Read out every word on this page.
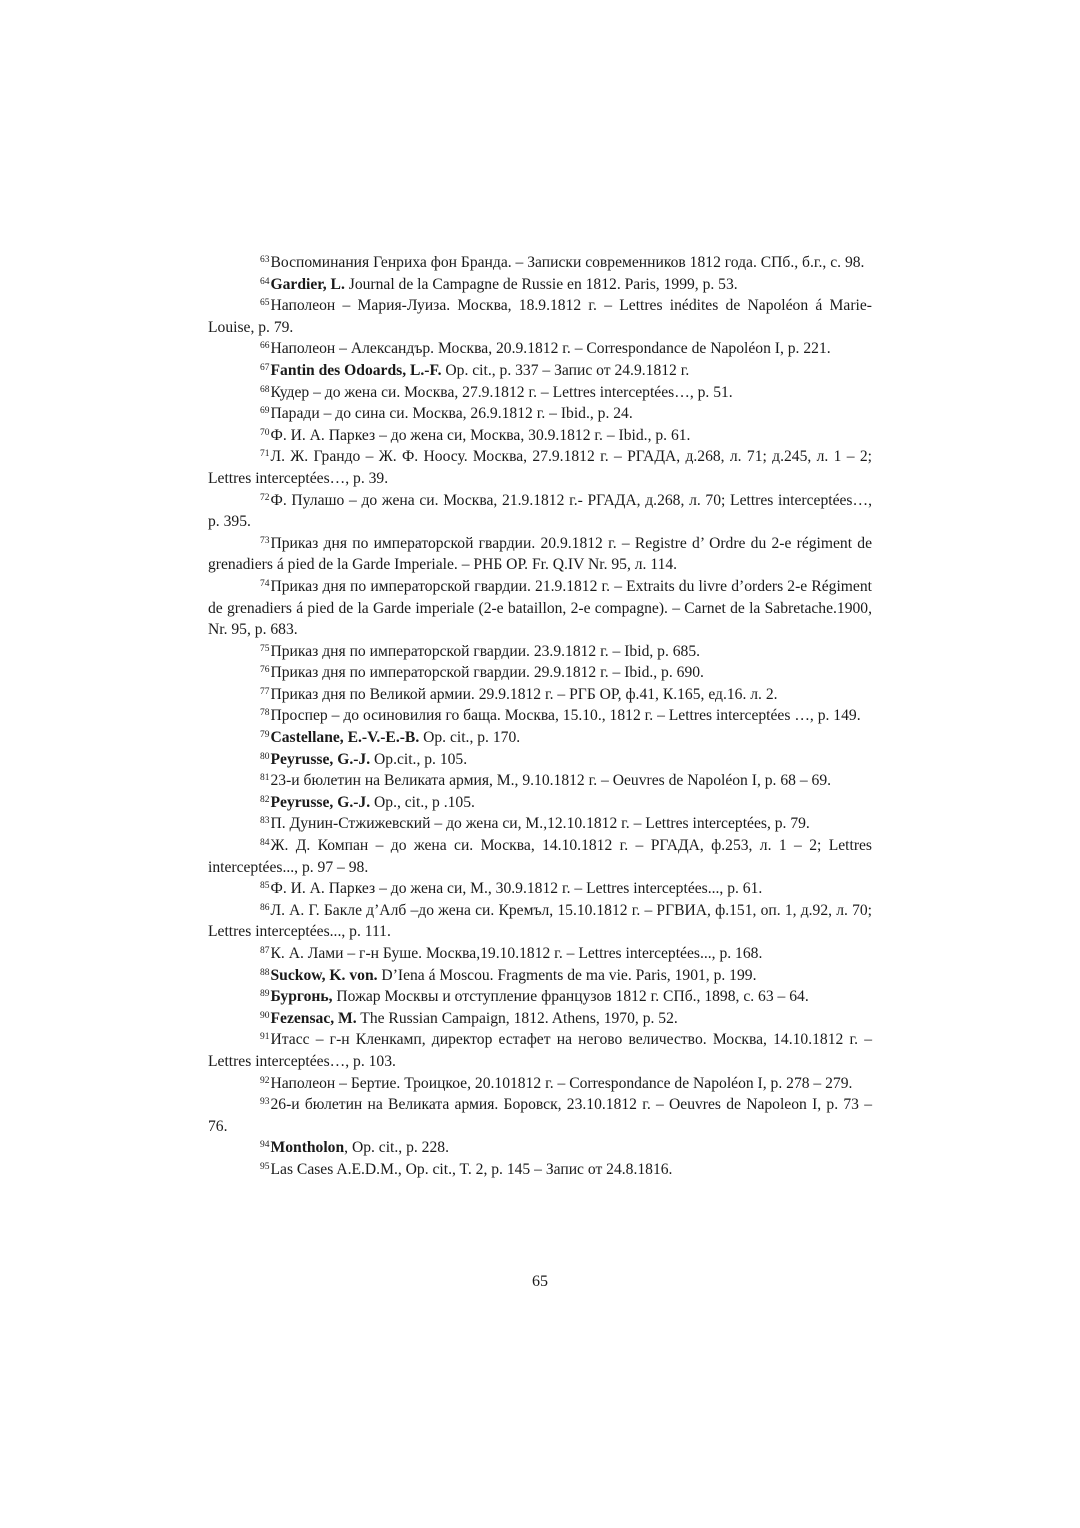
$^{63}$Воспоминания Генриха фон Бранда. – Записки современников 1812 года. СПб., б.г., с. 98.

$^{64}$Gardier, L. Journal de la Campagne de Russie en 1812. Paris, 1999, p. 53.

$^{65}$Наполеон – Мария-Луиза. Москва, 18.9.1812 г. – Lettres inédites de Napoléon á Marie-Louise, p. 79.

$^{66}$Наполеон – Александър. Москва, 20.9.1812 г. – Correspondance de Napoléon I, p. 221.

$^{67}$Fantin des Odoards, L.-F. Op. cit., p. 337 – Запис от 24.9.1812 г.

$^{68}$Кудер – до жена си. Москва, 27.9.1812 г. – Lettres interceptées…, p. 51.

$^{69}$Паради – до сина си. Москва, 26.9.1812 г. – Ibid., p. 24.

$^{70}$Ф. И. А. Паркез – до жена си, Москва, 30.9.1812 г. – Ibid., p. 61.

$^{71}$Л. Ж. Грандо – Ж. Ф. Ноосу. Москва, 27.9.1812 г. – РГАДА, д.268, л. 71; д.245, л. 1 – 2; Lettres interceptées…, p. 39.

$^{72}$Ф. Пулашо – до жена си. Москва, 21.9.1812 г.- РГАДА, д.268, л. 70; Lettres interceptées…, p. 395.

$^{73}$Приказ дня по императорской гвардии. 20.9.1812 г. – Registre d’ Ordre du 2-e régiment de grenadiers á pied de la Garde Imperiale. – РНБ ОР. Fr. Q.IV Nr. 95, л. 114.

$^{74}$Приказ дня по императорской гвардии. 21.9.1812 г. – Extraits du livre d’orders 2-e Régiment de grenadiers á pied de la Garde imperiale (2-e bataillon, 2-e compagne). – Carnet de la Sabretache.1900, Nr. 95, p. 683.

$^{75}$Приказ дня по императорской гвардии. 23.9.1812 г. – Ibid, p. 685.

$^{76}$Приказ дня по императорской гвардии. 29.9.1812 г. – Ibid., p. 690.

$^{77}$Приказ дня по Великой армии. 29.9.1812 г. – РГБ ОР, ф.41, К.165, ед.16. л. 2.

$^{78}$Проспер – до осиновилия го баща. Москва, 15.10., 1812 г. – Lettres interceptées …, p. 149.

$^{79}$Castellane, E.-V.-E.-B. Op. cit., p. 170.

$^{80}$Peyrusse, G.-J. Op.cit., p. 105.

$^{81}$23-и бюлетин на Великата армия, М., 9.10.1812 г. – Oeuvres de Napoléon I, p. 68 – 69.

$^{82}$Peyrusse, G.-J. Op., cit., p .105.

$^{83}$П. Дунин-Стжижевский – до жена си, М.,12.10.1812 г. – Lettres interceptées, p. 79.

$^{84}$Ж. Д. Компан – до жена си. Москва, 14.10.1812 г. – РГАДА, ф.253, л. 1 – 2; Lettres interceptées..., p. 97 – 98.

$^{85}$Ф. И. А. Паркез – до жена си, М., 30.9.1812 г. – Lettres interceptées..., p. 61.

$^{86}$Л. А. Г. Бакле д’Алб –до жена си. Кремъл, 15.10.1812 г. – РГВИА, ф.151, оп. 1, д.92, л. 70; Lettres interceptées..., p. 111.

$^{87}$К. А. Лами – г-н Буше. Москва,19.10.1812 г. – Lettres interceptées..., p. 168.

$^{88}$Suckow, K. von. D’Iena á Moscou. Fragments de ma vie. Paris, 1901, p. 199.

$^{89}$Бургонь, Пожар Москвы и отступление французов 1812 г. СПб., 1898, с. 63 – 64.

$^{90}$Fezensac, M. The Russian Campaign, 1812. Athens, 1970, p. 52.

$^{91}$Итасс – г-н Кленкамп, директор естафет на негово величество. Москва, 14.10.1812 г. – Lettres interceptées…, p. 103.

$^{92}$Наполеон – Бертие. Троицкое, 20.101812 г. – Correspondance de Napoléon I, p. 278 – 279.

$^{93}$26-и бюлетин на Великата армия. Боровск, 23.10.1812 г. – Oeuvres de Napoleon I, p. 73 – 76.

$^{94}$Montholon, Op. cit., p. 228.

$^{95}$Las Cases A.E.D.M., Op. cit., T. 2, p. 145 – Запис от 24.8.1816.

65
